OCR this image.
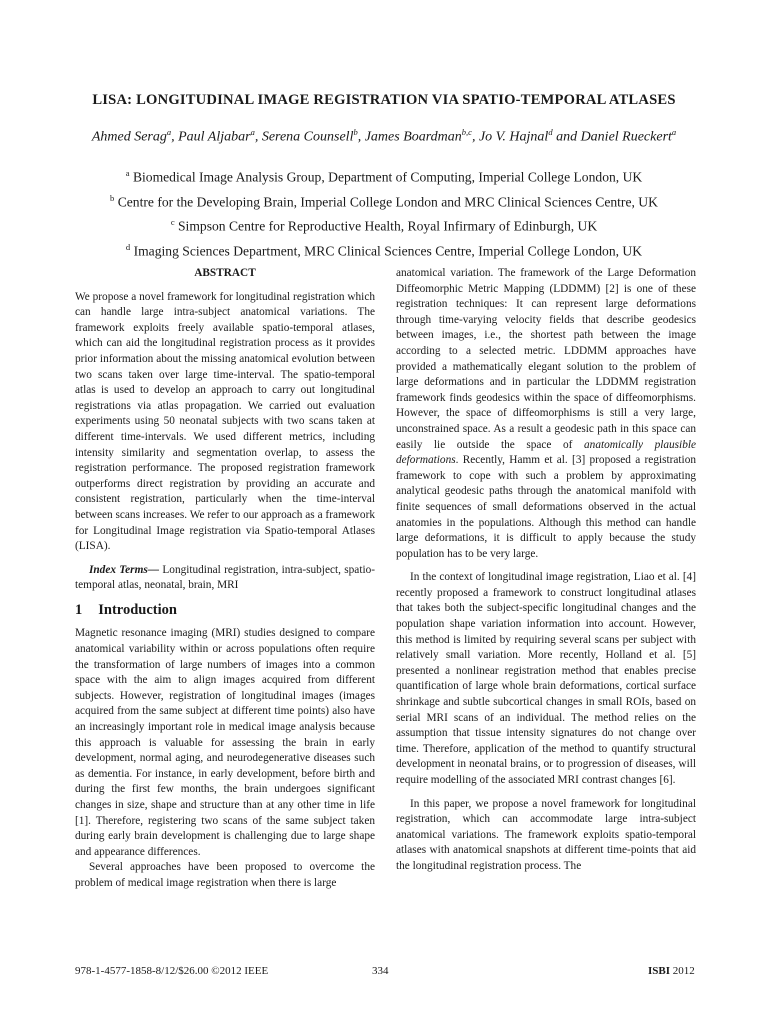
LISA: LONGITUDINAL IMAGE REGISTRATION VIA SPATIO-TEMPORAL ATLASES
Ahmed Serag$^a$, Paul Aljabar$^a$, Serena Counsell$^b$, James Boardman$^{b,c}$, Jo V. Hajnal$^d$ and Daniel Rueckert$^a$
$^a$ Biomedical Image Analysis Group, Department of Computing, Imperial College London, UK
$^b$ Centre for the Developing Brain, Imperial College London and MRC Clinical Sciences Centre, UK
$^c$ Simpson Centre for Reproductive Health, Royal Infirmary of Edinburgh, UK
$^d$ Imaging Sciences Department, MRC Clinical Sciences Centre, Imperial College London, UK
ABSTRACT

We propose a novel framework for longitudinal registration which can handle large intra-subject anatomical variations. The framework exploits freely available spatio-temporal atlases, which can aid the longitudinal registration process as it provides prior information about the missing anatomical evolution between two scans taken over large time-interval. The spatio-temporal atlas is used to develop an approach to carry out longitudinal registrations via atlas propagation. We carried out evaluation experiments using 50 neonatal subjects with two scans taken at different time-intervals. We used different metrics, including intensity similarity and segmentation overlap, to assess the registration performance. The proposed registration framework outperforms direct registration by providing an accurate and consistent registration, particularly when the time-interval between scans increases. We refer to our approach as a framework for Longitudinal Image registration via Spatio-temporal Atlases (LISA).

Index Terms— Longitudinal registration, intra-subject, spatio-temporal atlas, neonatal, brain, MRI

1 Introduction

Magnetic resonance imaging (MRI) studies designed to compare anatomical variability within or across populations often require the transformation of large numbers of images into a common space with the aim to align images acquired from different subjects. However, registration of longitudinal images (images acquired from the same subject at different time points) also have an increasingly important role in medical image analysis because this approach is valuable for assessing the brain in early development, normal aging, and neurodegenerative diseases such as dementia. For instance, in early development, before birth and during the first few months, the brain undergoes significant changes in size, shape and structure than at any other time in life [1]. Therefore, registering two scans of the same subject taken during early brain development is challenging due to large shape and appearance differences.

Several approaches have been proposed to overcome the problem of medical image registration when there is large

anatomical variation. The framework of the Large Deformation Diffeomorphic Metric Mapping (LDDMM) [2] is one of these registration techniques: It can represent large deformations through time-varying velocity fields that describe geodesics between images, i.e., the shortest path between the image according to a selected metric. LDDMM approaches have provided a mathematically elegant solution to the problem of large deformations and in particular the LDDMM registration framework finds geodesics within the space of diffeomorphisms. However, the space of diffeomorphisms is still a very large, unconstrained space. As a result a geodesic path in this space can easily lie outside the space of anatomically plausible deformations. Recently, Hamm et al. [3] proposed a registration framework to cope with such a problem by approximating analytical geodesic paths through the anatomical manifold with finite sequences of small deformations observed in the actual anatomies in the populations. Although this method can handle large deformations, it is difficult to apply because the study population has to be very large.

In the context of longitudinal image registration, Liao et al. [4] recently proposed a framework to construct longitudinal atlases that takes both the subject-specific longitudinal changes and the population shape variation information into account. However, this method is limited by requiring several scans per subject with relatively small variation. More recently, Holland et al. [5] presented a nonlinear registration method that enables precise quantification of large whole brain deformations, cortical surface shrinkage and subtle subcortical changes in small ROIs, based on serial MRI scans of an individual. The method relies on the assumption that tissue intensity signatures do not change over time. Therefore, application of the method to quantify structural development in neonatal brains, or to progression of diseases, will require modelling of the associated MRI contrast changes [6].

In this paper, we propose a novel framework for longitudinal registration, which can accommodate large intra-subject anatomical variations. The framework exploits spatio-temporal atlases with anatomical snapshots at different time-points that aid the longitudinal registration process. The

978-1-4577-1858-8/12/$26.00 ©2012 IEEE	334	ISBI 2012
